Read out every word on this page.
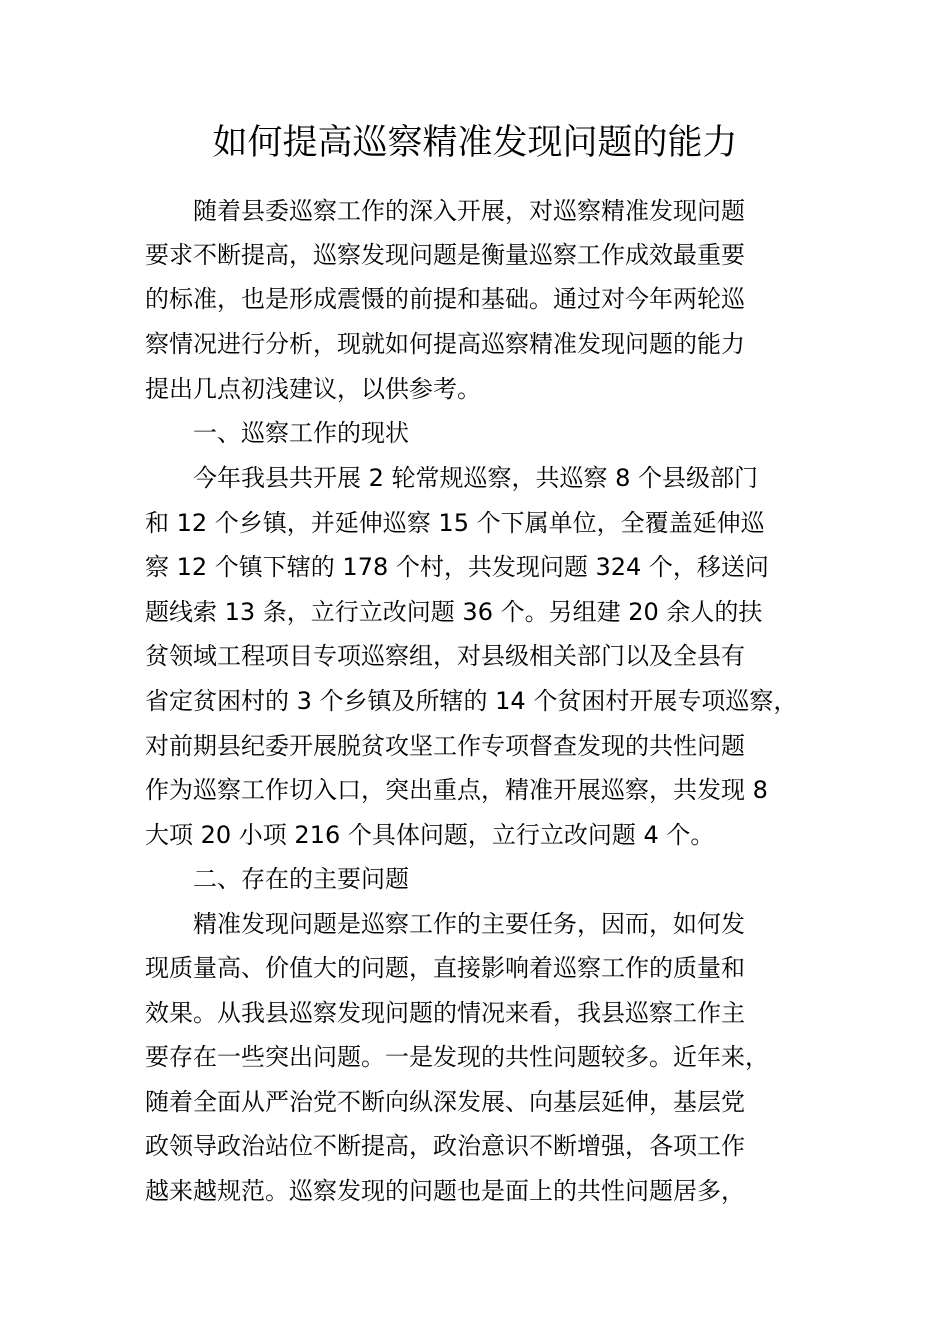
如何提高巡察精准发现问题的能力
随着县委巡察工作的深入开展，对巡察精准发现问题
要求不断提高，巡察发现问题是衡量巡察工作成效最重要
的标准，也是形成震慑的前提和基础。通过对今年两轮巡
察情况进行分析，现就如何提高巡察精准发现问题的能力
提出几点初浅建议，以供参考。
一、巡察工作的现状
今年我县共开展 2 轮常规巡察，共巡察 8 个县级部门
和 12 个乡镇，并延伸巡察 15 个下属单位，全覆盖延伸巡
察 12 个镇下辖的 178 个村，共发现问题 324 个，移送问
题线索 13 条，立行立改问题 36 个。另组建 20 余人的扶
贫领域工程项目专项巡察组，对县级相关部门以及全县有
省定贫困村的 3 个乡镇及所辖的 14 个贫困村开展专项巡察，
对前期县纪委开展脱贫攻坚工作专项督查发现的共性问题
作为巡察工作切入口，突出重点，精准开展巡察，共发现 8
大项 20 小项 216 个具体问题，立行立改问题 4 个。
二、存在的主要问题
精准发现问题是巡察工作的主要任务，因而，如何发
现质量高、价值大的问题，直接影响着巡察工作的质量和
效果。从我县巡察发现问题的情况来看，我县巡察工作主
要存在一些突出问题。一是发现的共性问题较多。近年来，
随着全面从严治党不断向纵深发展、向基层延伸，基层党
政领导政治站位不断提高，政治意识不断增强，各项工作
越来越规范。巡察发现的问题也是面上的共性问题居多，
